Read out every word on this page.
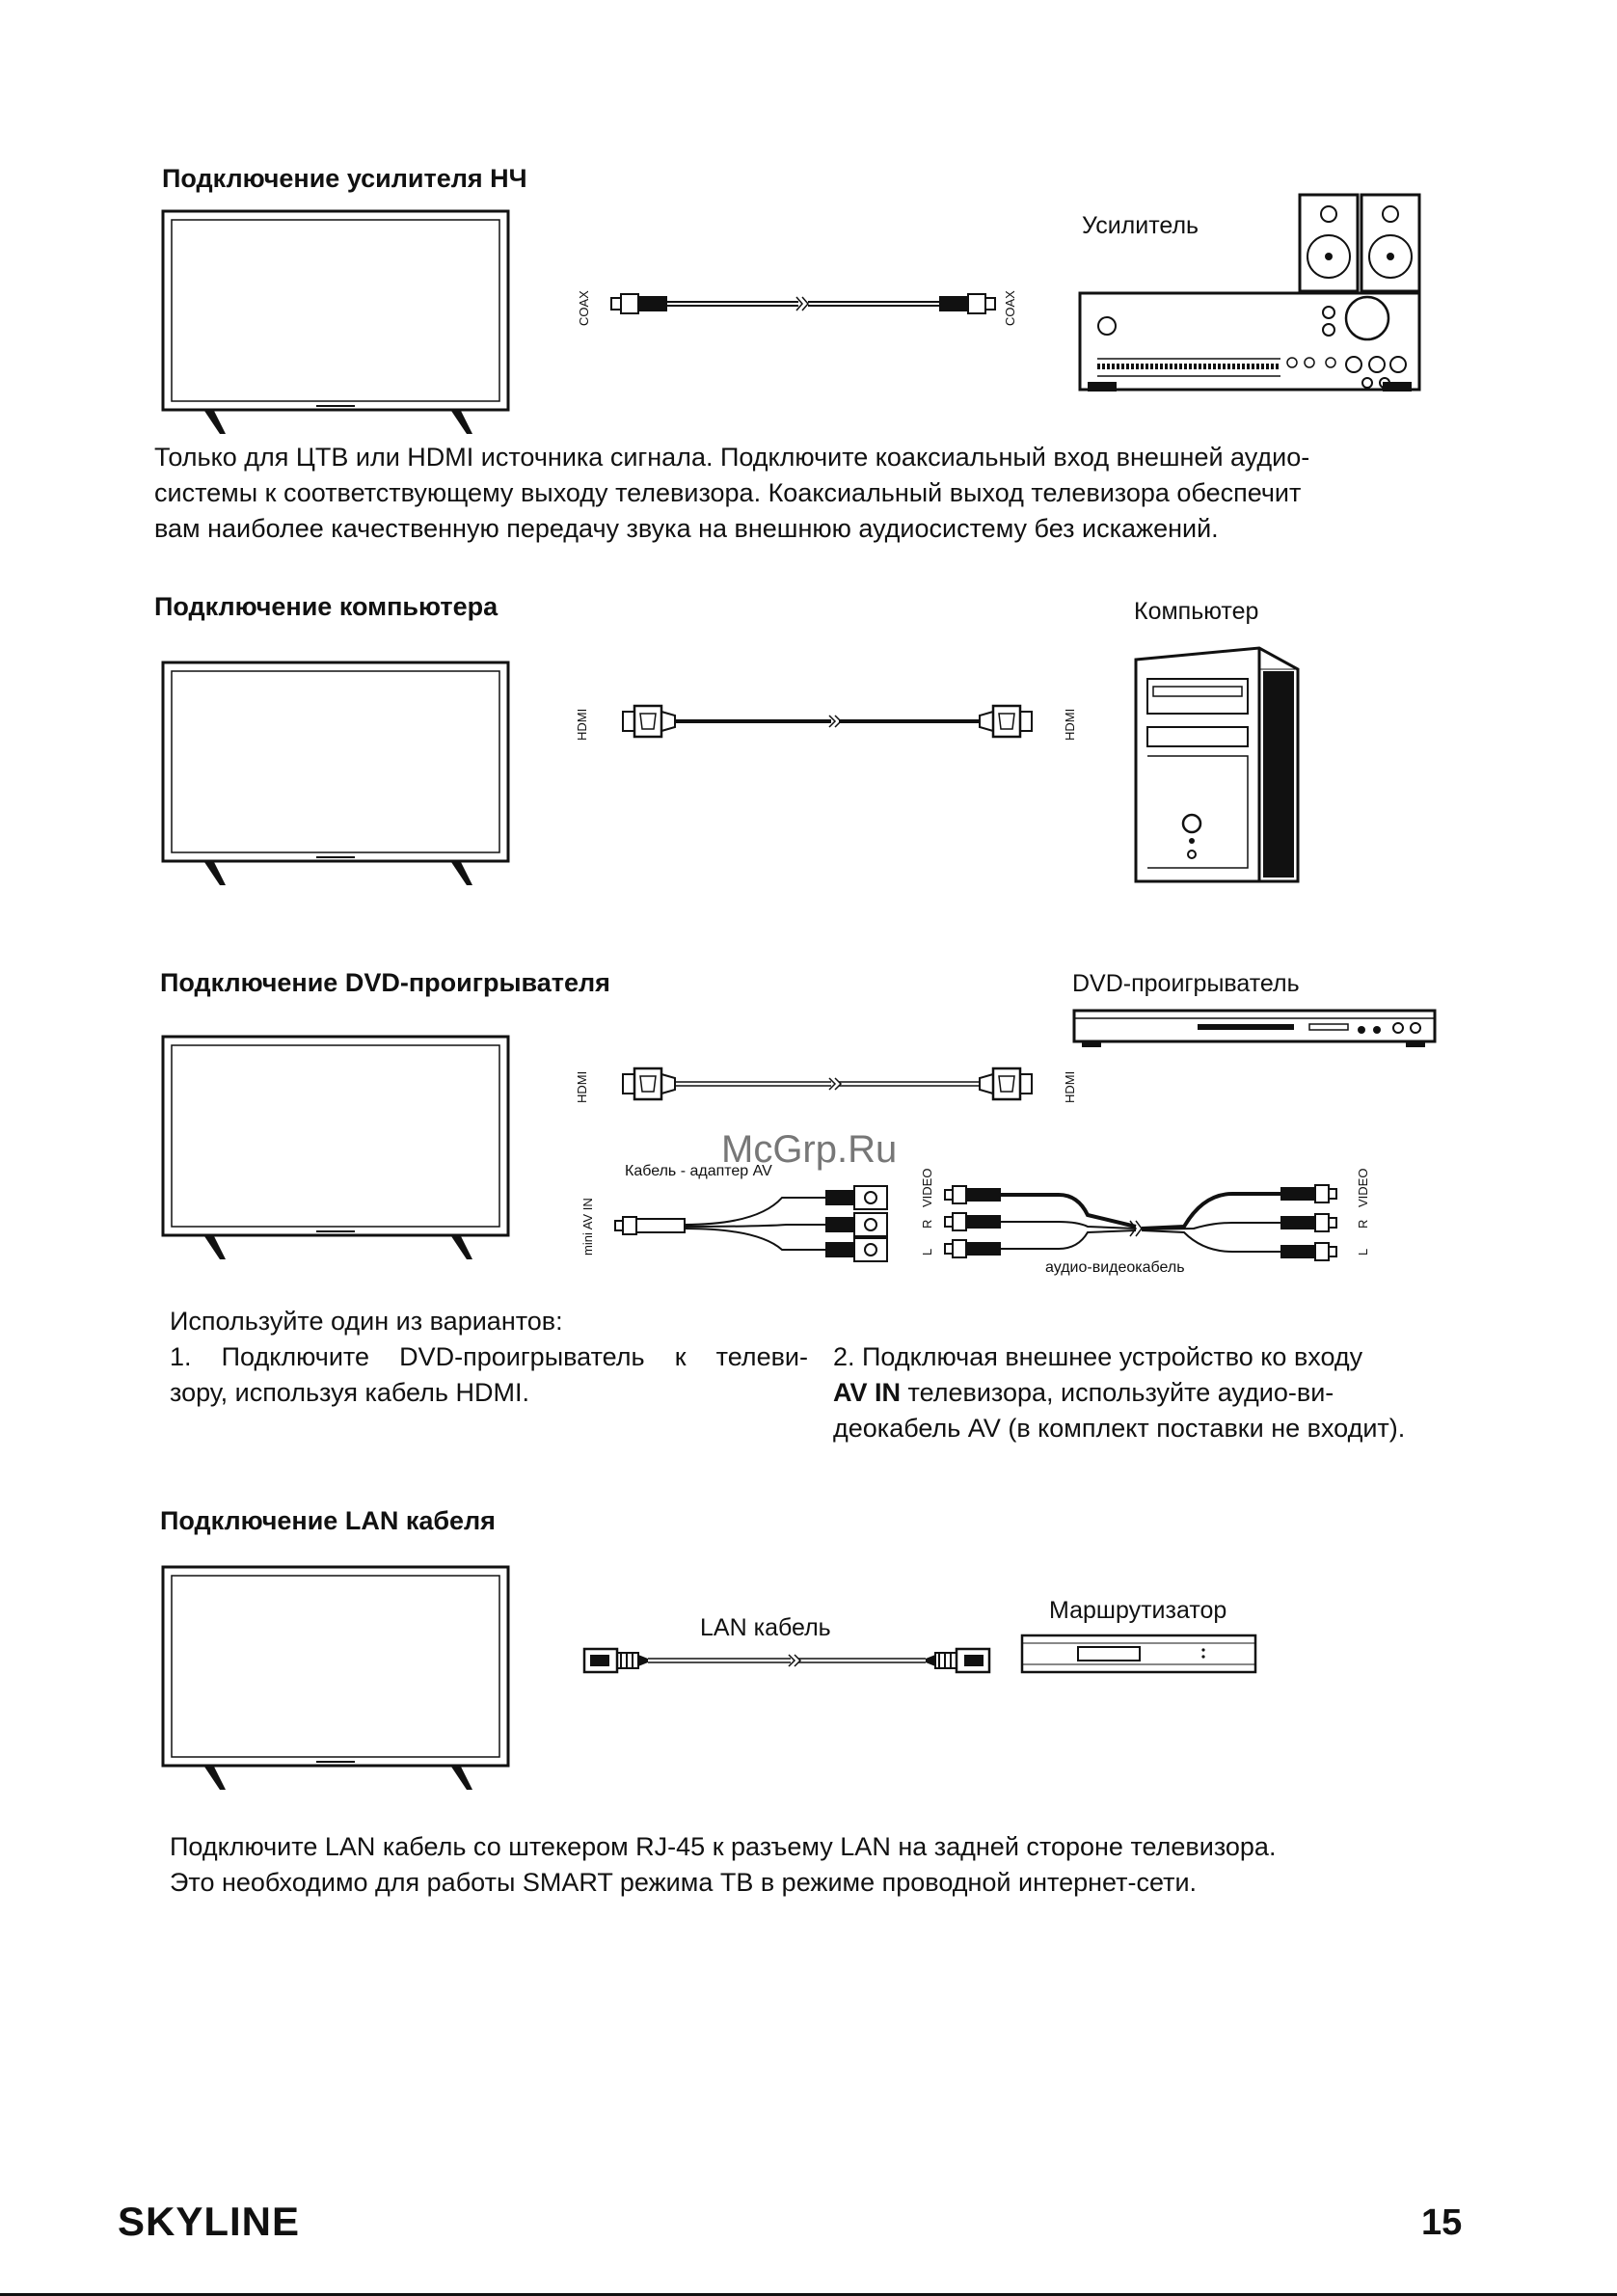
Подключение усилителя НЧ
COAX	COAX
Усилитель
Только для ЦТВ или HDMI источника сигнала. Подключите коаксиальный вход внешней аудио-
системы к соответствующему выходу телевизора. Коаксиальный выход телевизора обеспечит
вам наиболее качественную передачу звука на внешнюю аудиосистему без искажений.
Подключение компьютера
HDMI	HDMI
Компьютер
Подключение DVD-проигрывателя	DVD-проигрыватель
HDMI	HDMI
McGrp.Ru
Кабель - адаптер AV
mini AV IN	L
R
VIDEO
аудио-видеокабель
L
R
VIDEO
Используйте один из вариантов:
1. Подключите DVD-проигрыватель к телеви-
зору, используя кабель HDMI.
2. Подключая внешнее устройство ко входу
AV IN телевизора, используйте аудио-ви-
деокабель AV (в комплект поставки не входит).
Подключение LAN кабеля
LAN кабель
Маршрутизатор
Подключите LAN кабель со штекером RJ-45 к разъему LAN на задней стороне телевизора.
Это необходимо для работы SMART режима ТВ в режиме проводной интернет-сети.
SKYLINE	15
